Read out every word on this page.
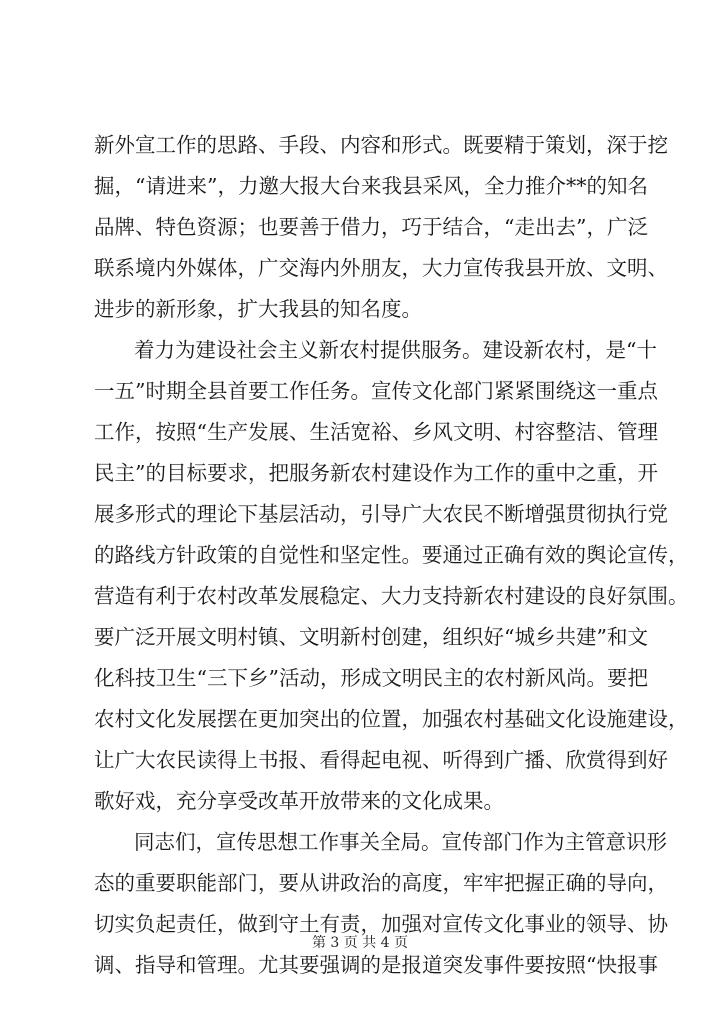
新外宣工作的思路、手段、内容和形式。既要精于策划，深于挖
掘，“请进来”，力邀大报大台来我县采风，全力推介**的知名
品牌、特色资源；也要善于借力，巧于结合，“走出去”，广泛
联系境内外媒体，广交海内外朋友，大力宣传我县开放、文明、
进步的新形象，扩大我县的知名度。
着力为建设社会主义新农村提供服务。建设新农村，是“十
一五”时期全县首要工作任务。宣传文化部门紧紧围绕这一重点
工作，按照“生产发展、生活宽裕、乡风文明、村容整洁、管理
民主”的目标要求，把服务新农村建设作为工作的重中之重，开
展多形式的理论下基层活动，引导广大农民不断增强贯彻执行党
的路线方针政策的自觉性和坚定性。要通过正确有效的舆论宣传，
营造有利于农村改革发展稳定、大力支持新农村建设的良好氛围。
要广泛开展文明村镇、文明新村创建，组织好“城乡共建”和文
化科技卫生“三下乡”活动，形成文明民主的农村新风尚。要把
农村文化发展摆在更加突出的位置，加强农村基础文化设施建设，
让广大农民读得上书报、看得起电视、听得到广播、欣赏得到好
歌好戏，充分享受改革开放带来的文化成果。
同志们，宣传思想工作事关全局。宣传部门作为主管意识形
态的重要职能部门，要从讲政治的高度，牢牢把握正确的导向，
切实负起责任，做到守土有责，加强对宣传文化事业的领导、协
调、指导和管理。尤其要强调的是报道突发事件要按照“快报事
第 3 页 共 4 页
